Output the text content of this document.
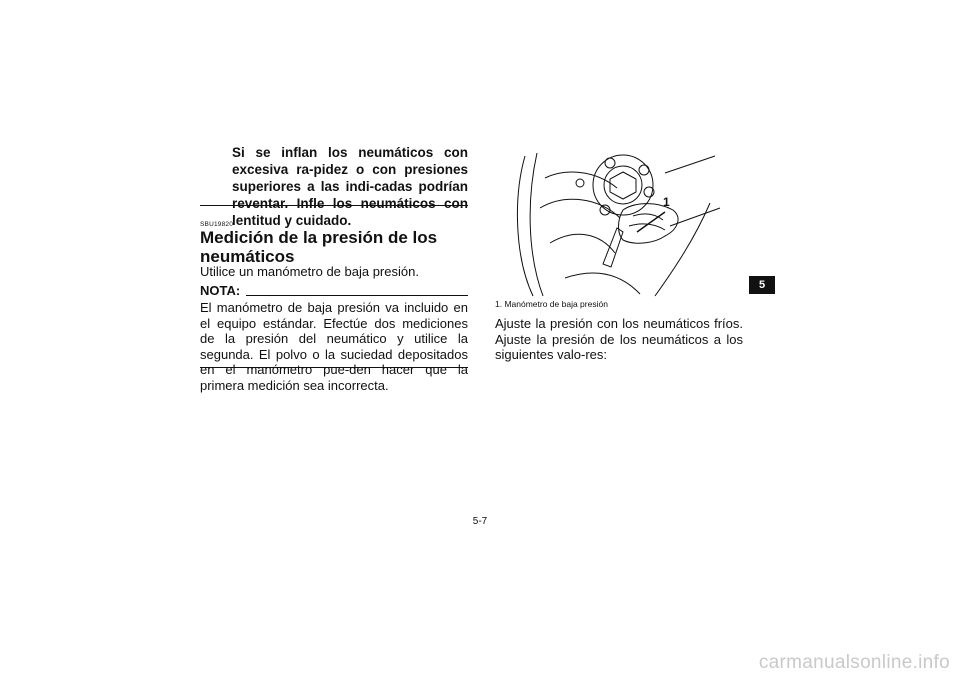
Si se inflan los neumáticos con excesiva ra-pidez o con presiones superiores a las indi-cadas podrían reventar. Infle los neumáticos con lentitud y cuidado.
SBU19820
Medición de la presión de los neumáticos
Utilice un manómetro de baja presión.
NOTA:
El manómetro de baja presión va incluido en el equipo estándar. Efectúe dos mediciones de la presión del neumático y utilice la segunda. El polvo o la suciedad depositados en el manómetro pue-den hacer que la primera medición sea incorrecta.
1
1. Manómetro de baja presión
Ajuste la presión con los neumáticos fríos. Ajuste la presión de los neumáticos a los siguientes valo-res:
5
5-7
carmanualsonline.info
